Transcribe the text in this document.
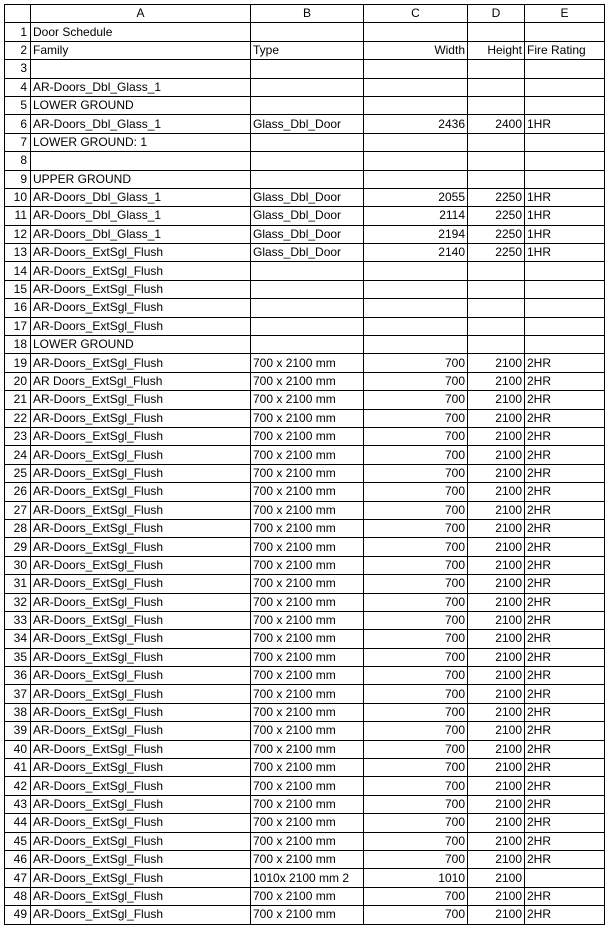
	A	B	C	D	E
1	Door Schedule				
2	Family	Type	Width	Height	Fire Rating
3					
4	AR-Doors_Dbl_Glass_1				
5	LOWER GROUND				
6	AR-Doors_Dbl_Glass_1	Glass_Dbl_Door	2436	2400	1HR
7	LOWER GROUND: 1				
8					
9	UPPER GROUND				
10	AR-Doors_Dbl_Glass_1	Glass_Dbl_Door	2055	2250	1HR
11	AR-Doors_Dbl_Glass_1	Glass_Dbl_Door	2114	2250	1HR
12	AR-Doors_Dbl_Glass_1	Glass_Dbl_Door	2194	2250	1HR
13	AR-Doors_ExtSgl_Flush	Glass_Dbl_Door	2140	2250	1HR
14	AR-Doors_ExtSgl_Flush				
15	AR-Doors_ExtSgl_Flush				
16	AR-Doors_ExtSgl_Flush				
17	AR-Doors_ExtSgl_Flush				
18	LOWER GROUND				
19	AR-Doors_ExtSgl_Flush	700 x 2100 mm	700	2100	2HR
20	AR Doors_ExtSgl_Flush	700 x 2100 mm	700	2100	2HR
21	AR-Doors_ExtSgl_Flush	700 x 2100 mm	700	2100	2HR
22	AR-Doors_ExtSgl_Flush	700 x 2100 mm	700	2100	2HR
23	AR-Doors_ExtSgl_Flush	700 x 2100 mm	700	2100	2HR
24	AR-Doors_ExtSgl_Flush	700 x 2100 mm	700	2100	2HR
25	AR-Doors_ExtSgl_Flush	700 x 2100 mm	700	2100	2HR
26	AR-Doors_ExtSgl_Flush	700 x 2100 mm	700	2100	2HR
27	AR-Doors_ExtSgl_Flush	700 x 2100 mm	700	2100	2HR
28	AR-Doors_ExtSgl_Flush	700 x 2100 mm	700	2100	2HR
29	AR-Doors_ExtSgl_Flush	700 x 2100 mm	700	2100	2HR
30	AR-Doors_ExtSgl_Flush	700 x 2100 mm	700	2100	2HR
31	AR-Doors_ExtSgl_Flush	700 x 2100 mm	700	2100	2HR
32	AR-Doors_ExtSgl_Flush	700 x 2100 mm	700	2100	2HR
33	AR-Doors_ExtSgl_Flush	700 x 2100 mm	700	2100	2HR
34	AR-Doors_ExtSgl_Flush	700 x 2100 mm	700	2100	2HR
35	AR-Doors_ExtSgl_Flush	700 x 2100 mm	700	2100	2HR
36	AR-Doors_ExtSgl_Flush	700 x 2100 mm	700	2100	2HR
37	AR-Doors_ExtSgl_Flush	700 x 2100 mm	700	2100	2HR
38	AR-Doors_ExtSgl_Flush	700 x 2100 mm	700	2100	2HR
39	AR-Doors_ExtSgl_Flush	700 x 2100 mm	700	2100	2HR
40	AR-Doors_ExtSgl_Flush	700 x 2100 mm	700	2100	2HR
41	AR-Doors_ExtSgl_Flush	700 x 2100 mm	700	2100	2HR
42	AR-Doors_ExtSgl_Flush	700 x 2100 mm	700	2100	2HR
43	AR-Doors_ExtSgl_Flush	700 x 2100 mm	700	2100	2HR
44	AR-Doors_ExtSgl_Flush	700 x 2100 mm	700	2100	2HR
45	AR-Doors_ExtSgl_Flush	700 x 2100 mm	700	2100	2HR
46	AR-Doors_ExtSgl_Flush	700 x 2100 mm	700	2100	2HR
47	AR-Doors_ExtSgl_Flush	1010x 2100 mm 2	1010	2100	
48	AR-Doors_ExtSgl_Flush	700 x 2100 mm	700	2100	2HR
49	AR-Doors_ExtSgl_Flush	700 x 2100 mm	700	2100	2HR
